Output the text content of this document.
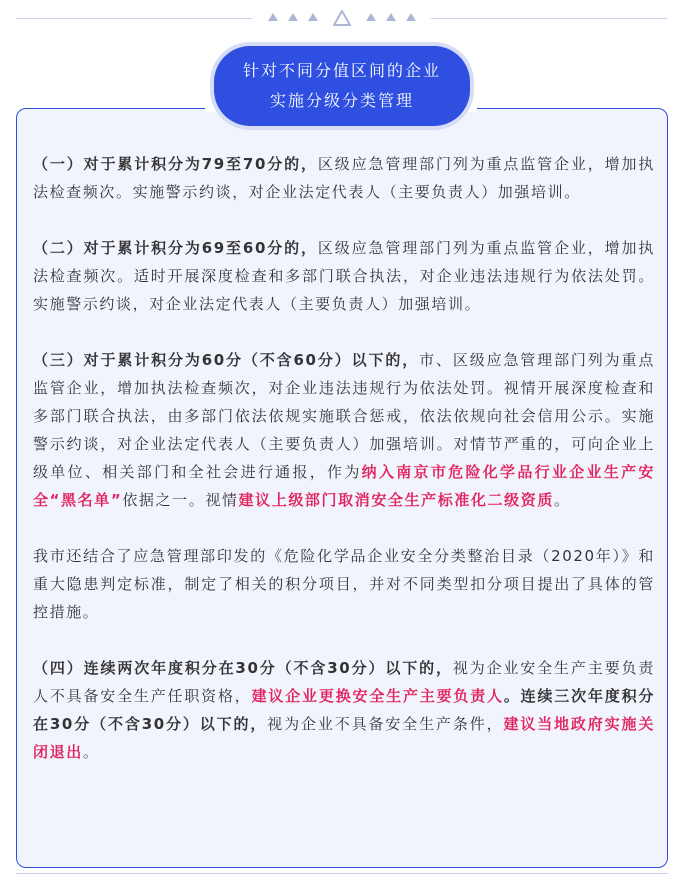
针对不同分值区间的企业
实施分级分类管理

（一）对于累计积分为79至70分的，区级应急管理部门列为重点监管企业，增加执法检查频次。实施警示约谈，对企业法定代表人（主要负责人）加强培训。

（二）对于累计积分为69至60分的，区级应急管理部门列为重点监管企业，增加执法检查频次。适时开展深度检查和多部门联合执法，对企业违法违规行为依法处罚。实施警示约谈，对企业法定代表人（主要负责人）加强培训。

（三）对于累计积分为60分（不含60分）以下的，市、区级应急管理部门列为重点监管企业，增加执法检查频次，对企业违法违规行为依法处罚。视情开展深度检查和多部门联合执法，由多部门依法依规实施联合惩戒，依法依规向社会信用公示。实施警示约谈，对企业法定代表人（主要负责人）加强培训。对情节严重的，可向企业上级单位、相关部门和全社会进行通报，作为纳入南京市危险化学品行业企业生产安全“黑名单”依据之一。视情建议上级部门取消安全生产标准化二级资质。

我市还结合了应急管理部印发的《危险化学品企业安全分类整治目录（2020年）》和重大隐患判定标准，制定了相关的积分项目，并对不同类型扣分项目提出了具体的管控措施。

（四）连续两次年度积分在30分（不含30分）以下的，视为企业安全生产主要负责人不具备安全生产任职资格，建议企业更换安全生产主要负责人。连续三次年度积分在30分（不含30分）以下的，视为企业不具备安全生产条件，建议当地政府实施关闭退出。
